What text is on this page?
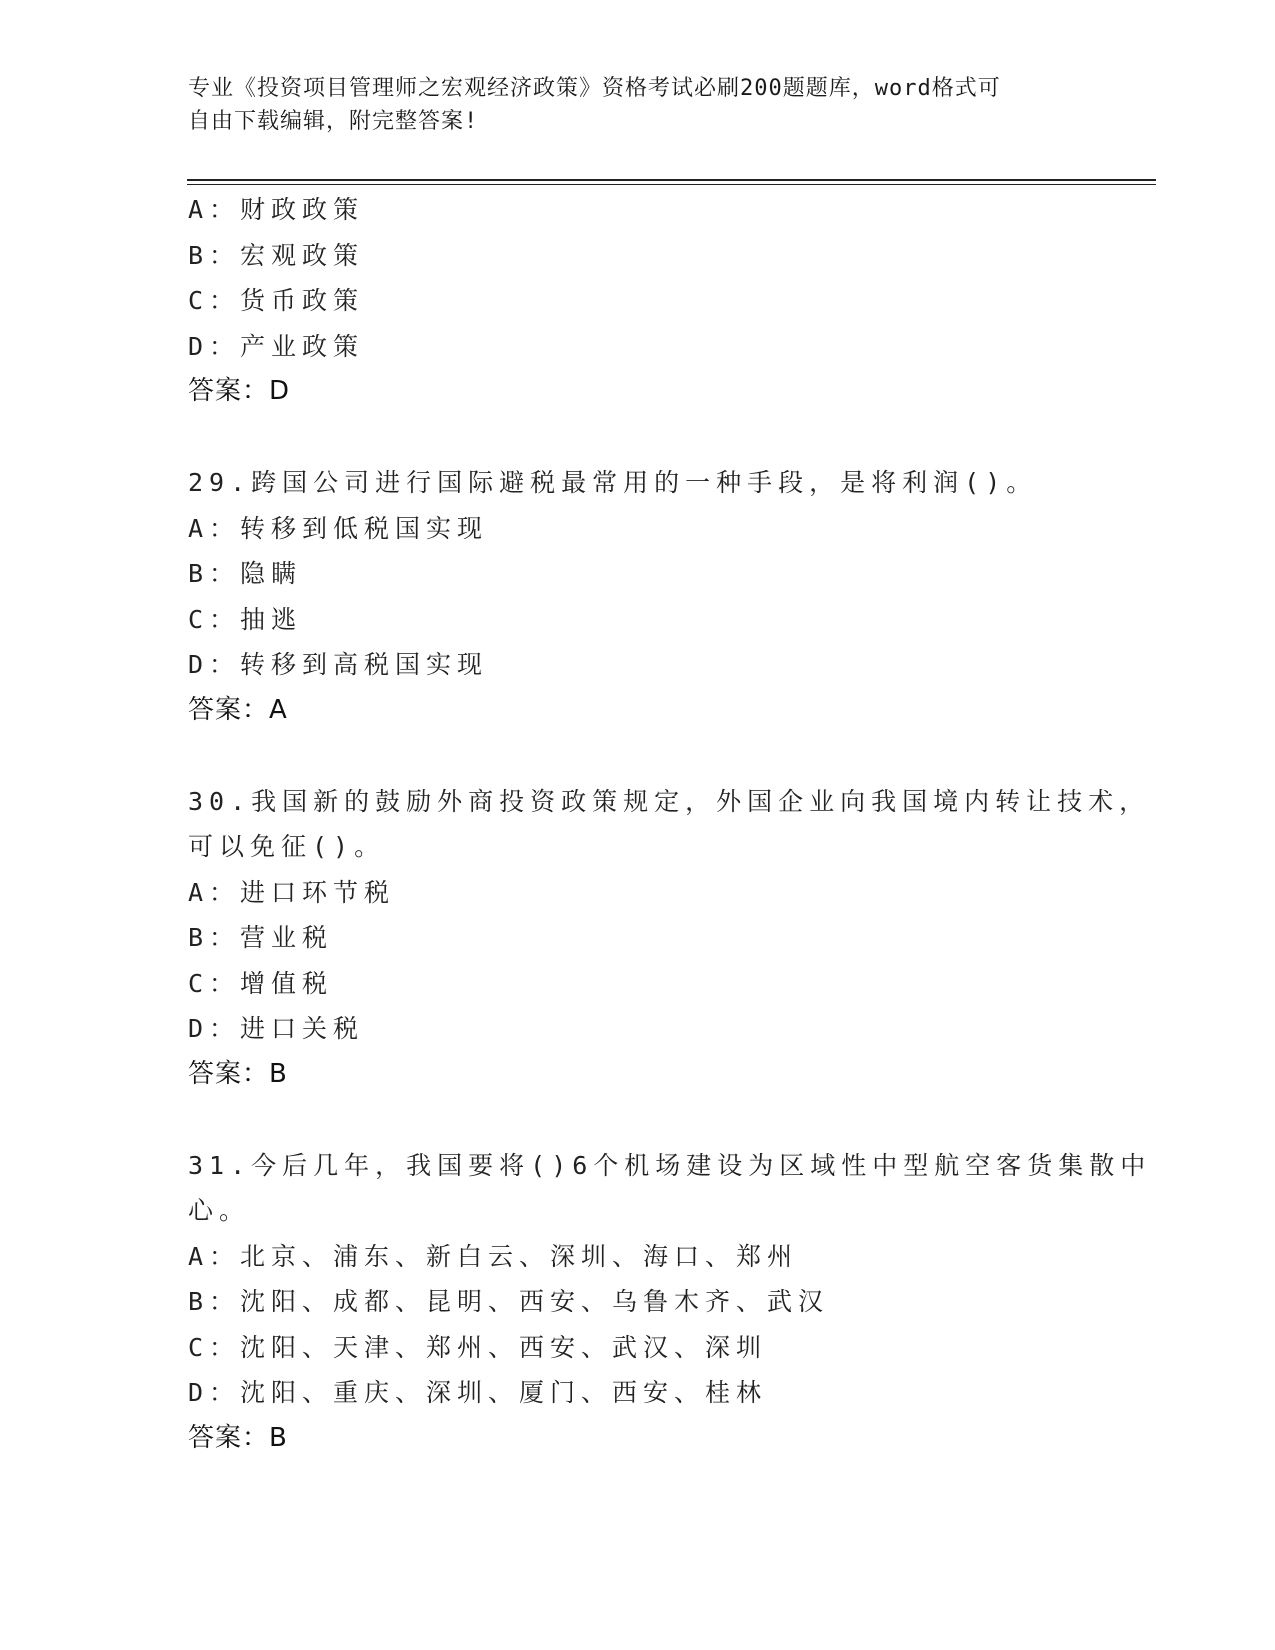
专业《投资项目管理师之宏观经济政策》资格考试必刷200题题库，word格式可
自由下载编辑，附完整答案!
A：财政政策
B：宏观政策
C：货币政策
D：产业政策
答案：D
29.跨国公司进行国际避税最常用的一种手段，是将利润()。
A：转移到低税国实现
B：隐瞒
C：抽逃
D：转移到高税国实现
答案：A
30.我国新的鼓励外商投资政策规定，外国企业向我国境内转让技术，
可以免征()。
A：进口环节税
B：营业税
C：增值税
D：进口关税
答案：B
31.今后几年，我国要将()6个机场建设为区域性中型航空客货集散中
心。
A：北京、浦东、新白云、深圳、海口、郑州
B：沈阳、成都、昆明、西安、乌鲁木齐、武汉
C：沈阳、天津、郑州、西安、武汉、深圳
D：沈阳、重庆、深圳、厦门、西安、桂林
答案：B
